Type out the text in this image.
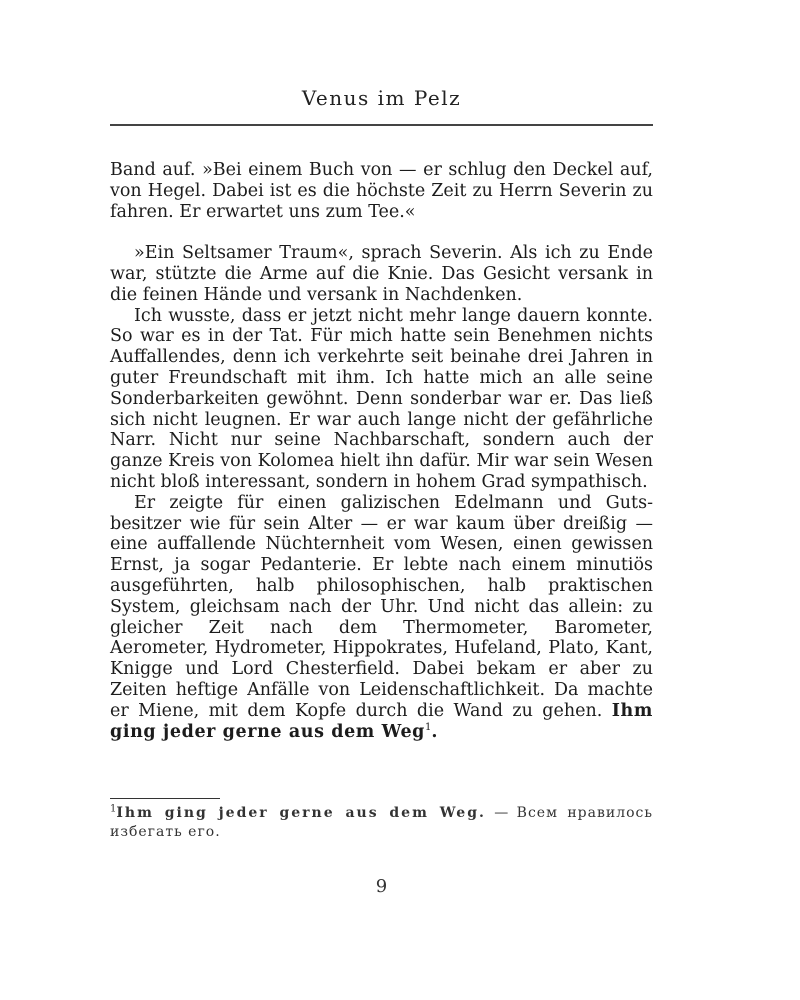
Venus im Pelz

Band auf. »Bei einem Buch von — er schlug den Deckel auf, von Hegel. Dabei ist es die höchste Zeit zu Herrn Severin zu fahren. Er erwartet uns zum Tee.«

»Ein Seltsamer Traum«, sprach Severin. Als ich zu Ende war, stützte die Arme auf die Knie. Das Gesicht versank in die feinen Hände und versank in Nachdenken.

Ich wusste, dass er jetzt nicht mehr lange dauern konnte. So war es in der Tat. Für mich hatte sein Benehmen nichts Auffallendes, denn ich verkehrte seit beinahe drei Jahren in guter Freundschaft mit ihm. Ich hatte mich an alle seine Sonderbarkeiten gewöhnt. Denn sonderbar war er. Das ließ sich nicht leugnen. Er war auch lange nicht der gefährliche Narr. Nicht nur seine Nachbarschaft, sondern auch der ganze Kreis von Kolomea hielt ihn dafür. Mir war sein Wesen nicht bloß interessant, sondern in hohem Grad sympathisch.

Er zeigte für einen galizischen Edelmann und Gutsbesitzer wie für sein Alter — er war kaum über dreißig — eine auffallende Nüchternheit vom Wesen, einen gewissen Ernst, ja sogar Pedanterie. Er lebte nach einem minutiös ausgeführten, halb philosophischen, halb praktischen System, gleichsam nach der Uhr. Und nicht das allein: zu gleicher Zeit nach dem Thermometer, Barometer, Aerometer, Hydrometer, Hippokrates, Hufeland, Plato, Kant, Knigge und Lord Chesterfield. Dabei bekam er aber zu Zeiten heftige Anfälle von Leidenschaftlichkeit. Da machte er Miene, mit dem Kopfe durch die Wand zu gehen. Ihm ging jeder gerne aus dem Weg$^1$.

$^1$Ihm ging jeder gerne aus dem Weg. — Всем нравилось избегать его.
9
